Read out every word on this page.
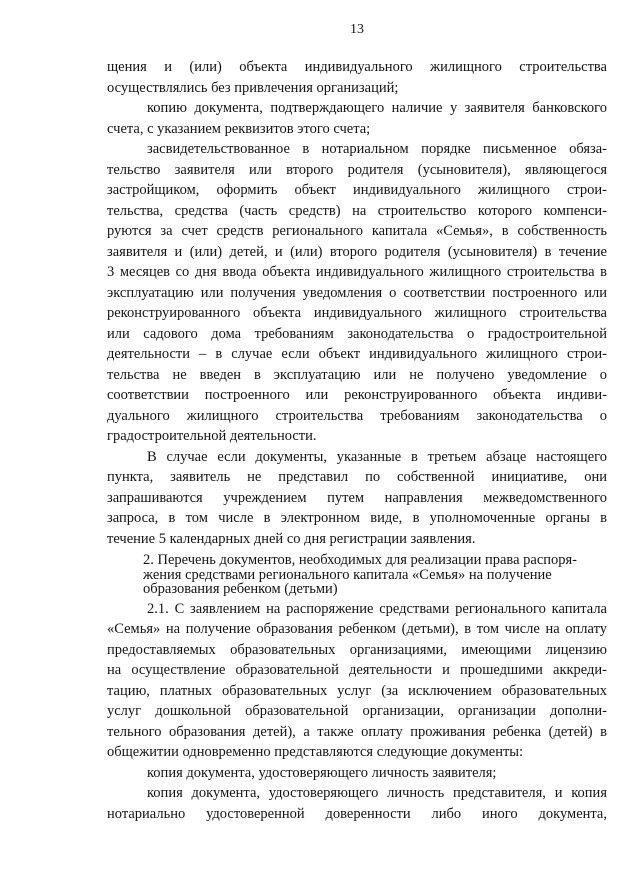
13
щения и (или) объекта индивидуального жилищного строительства
осуществлялись без привлечения организаций;
копию документа, подтверждающего наличие у заявителя банковского
счета, с указанием реквизитов этого счета;
засвидетельствованное в нотариальном порядке письменное обяза-
тельство заявителя или второго родителя (усыновителя), являющегося
застройщиком, оформить объект индивидуального жилищного строи-
тельства, средства (часть средств) на строительство которого компенси-
руются за счет средств регионального капитала «Семья», в собственность
заявителя и (или) детей, и (или) второго родителя (усыновителя) в течение
3 месяцев со дня ввода объекта индивидуального жилищного строительства в
эксплуатацию или получения уведомления о соответствии построенного или
реконструированного объекта индивидуального жилищного строительства
или садового дома требованиям законодательства о градостроительной
деятельности – в случае если объект индивидуального жилищного строи-
тельства не введен в эксплуатацию или не получено уведомление о
соответствии построенного или реконструированного объекта индиви-
дуального жилищного строительства требованиям законодательства о
градостроительной деятельности.
В случае если документы, указанные в третьем абзаце настоящего
пункта, заявитель не представил по собственной инициативе, они
запрашиваются учреждением путем направления межведомственного
запроса, в том числе в электронном виде, в уполномоченные органы в
течение 5 календарных дней со дня регистрации заявления.
2. Перечень документов, необходимых для реализации права распоря-
жения средствами регионального капитала «Семья» на получение
образования ребенком (детьми)
2.1. С заявлением на распоряжение средствами регионального капитала
«Семья» на получение образования ребенком (детьми), в том числе на оплату
предоставляемых образовательных организациями, имеющими лицензию
на осуществление образовательной деятельности и прошедшими аккреди-
тацию, платных образовательных услуг (за исключением образовательных
услуг дошкольной образовательной организации, организации дополни-
тельного образования детей), а также оплату проживания ребенка (детей) в
общежитии одновременно представляются следующие документы:
копия документа, удостоверяющего личность заявителя;
копия документа, удостоверяющего личность представителя, и копия
нотариально удостоверенной доверенности либо иного документа,
